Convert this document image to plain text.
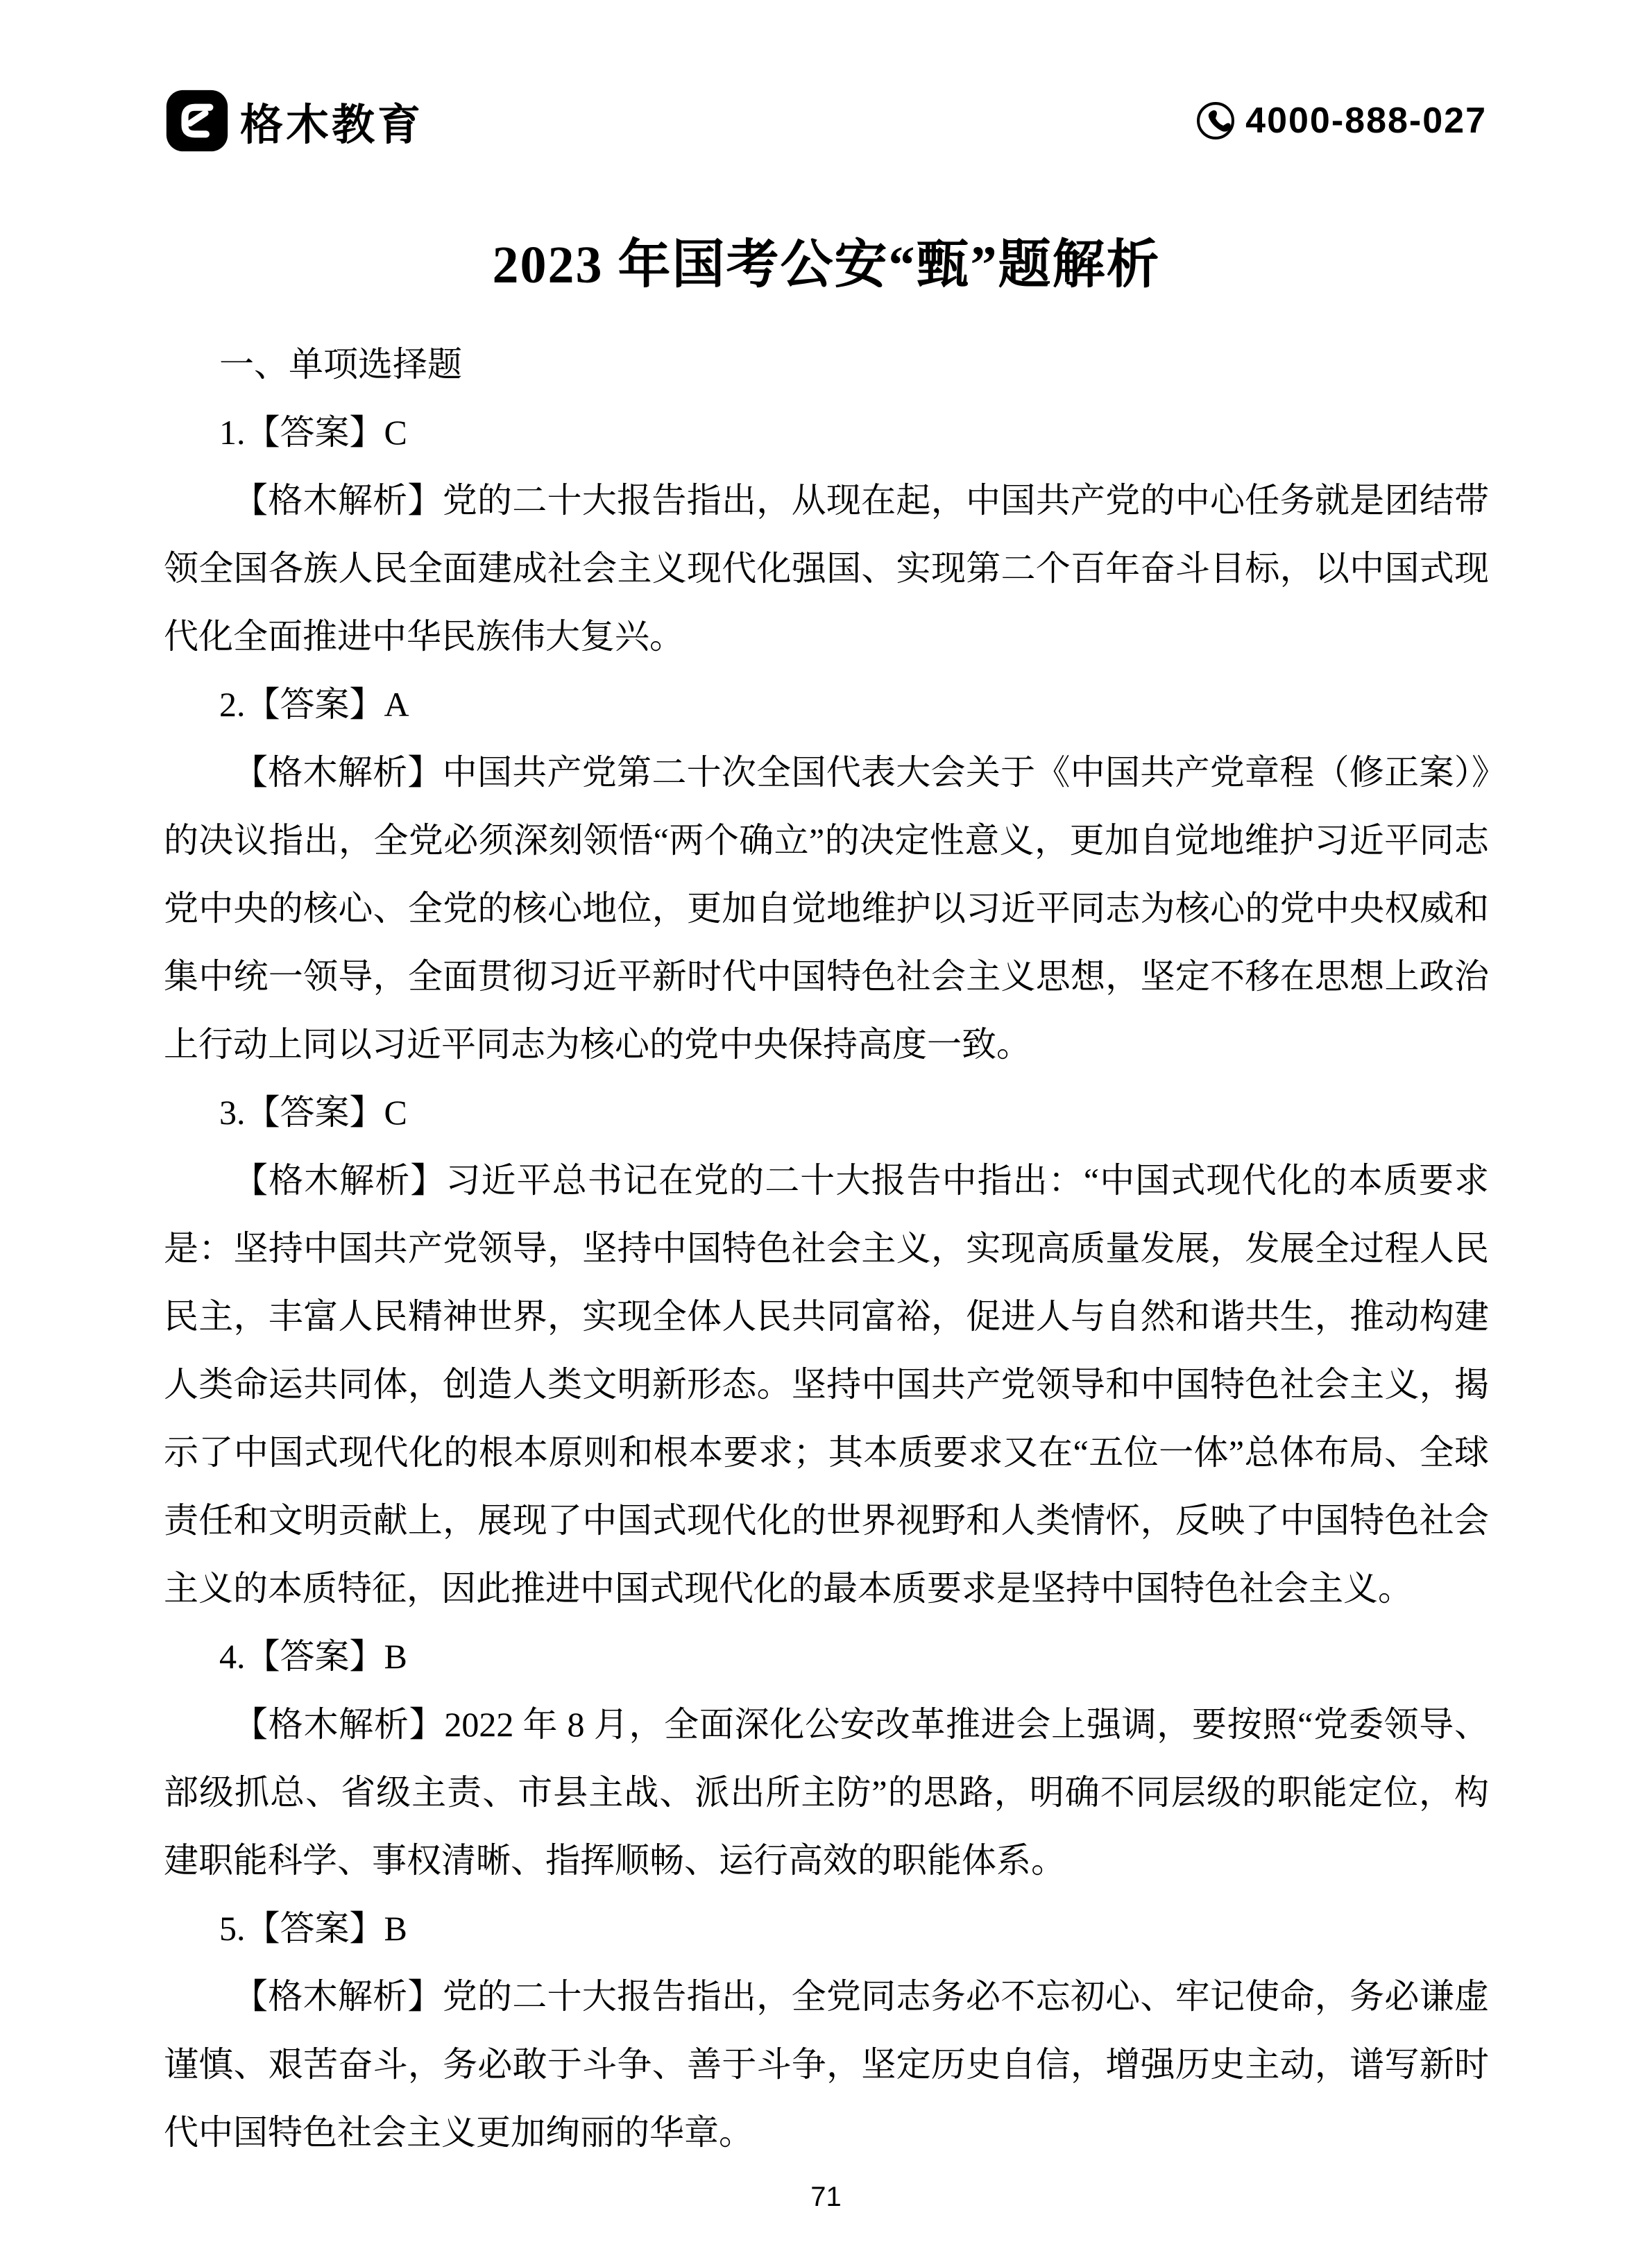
格木教育	4000-888-027
2023 年国考公安“甄”题解析

一、单项选择题

1.【答案】C

【格木解析】党的二十大报告指出，从现在起，中国共产党的中心任务就是团结带领全国各族人民全面建成社会主义现代化强国、实现第二个百年奋斗目标，以中国式现代化全面推进中华民族伟大复兴。

2.【答案】A

【格木解析】中国共产党第二十次全国代表大会关于《中国共产党章程（修正案）》的决议指出，全党必须深刻领悟“两个确立”的决定性意义，更加自觉地维护习近平同志党中央的核心、全党的核心地位，更加自觉地维护以习近平同志为核心的党中央权威和集中统一领导，全面贯彻习近平新时代中国特色社会主义思想，坚定不移在思想上政治上行动上同以习近平同志为核心的党中央保持高度一致。

3.【答案】C

【格木解析】习近平总书记在党的二十大报告中指出：“中国式现代化的本质要求是：坚持中国共产党领导，坚持中国特色社会主义，实现高质量发展，发展全过程人民民主，丰富人民精神世界，实现全体人民共同富裕，促进人与自然和谐共生，推动构建人类命运共同体，创造人类文明新形态。坚持中国共产党领导和中国特色社会主义，揭示了中国式现代化的根本原则和根本要求；其本质要求又在“五位一体”总体布局、全球责任和文明贡献上，展现了中国式现代化的世界视野和人类情怀，反映了中国特色社会主义的本质特征，因此推进中国式现代化的最本质要求是坚持中国特色社会主义。

4.【答案】B

【格木解析】2022 年 8 月，全面深化公安改革推进会上强调，要按照“党委领导、部级抓总、省级主责、市县主战、派出所主防”的思路，明确不同层级的职能定位，构建职能科学、事权清晰、指挥顺畅、运行高效的职能体系。

5.【答案】B

【格木解析】党的二十大报告指出，全党同志务必不忘初心、牢记使命，务必谦虚谨慎、艰苦奋斗，务必敢于斗争、善于斗争，坚定历史自信，增强历史主动，谱写新时代中国特色社会主义更加绚丽的华章。

71
